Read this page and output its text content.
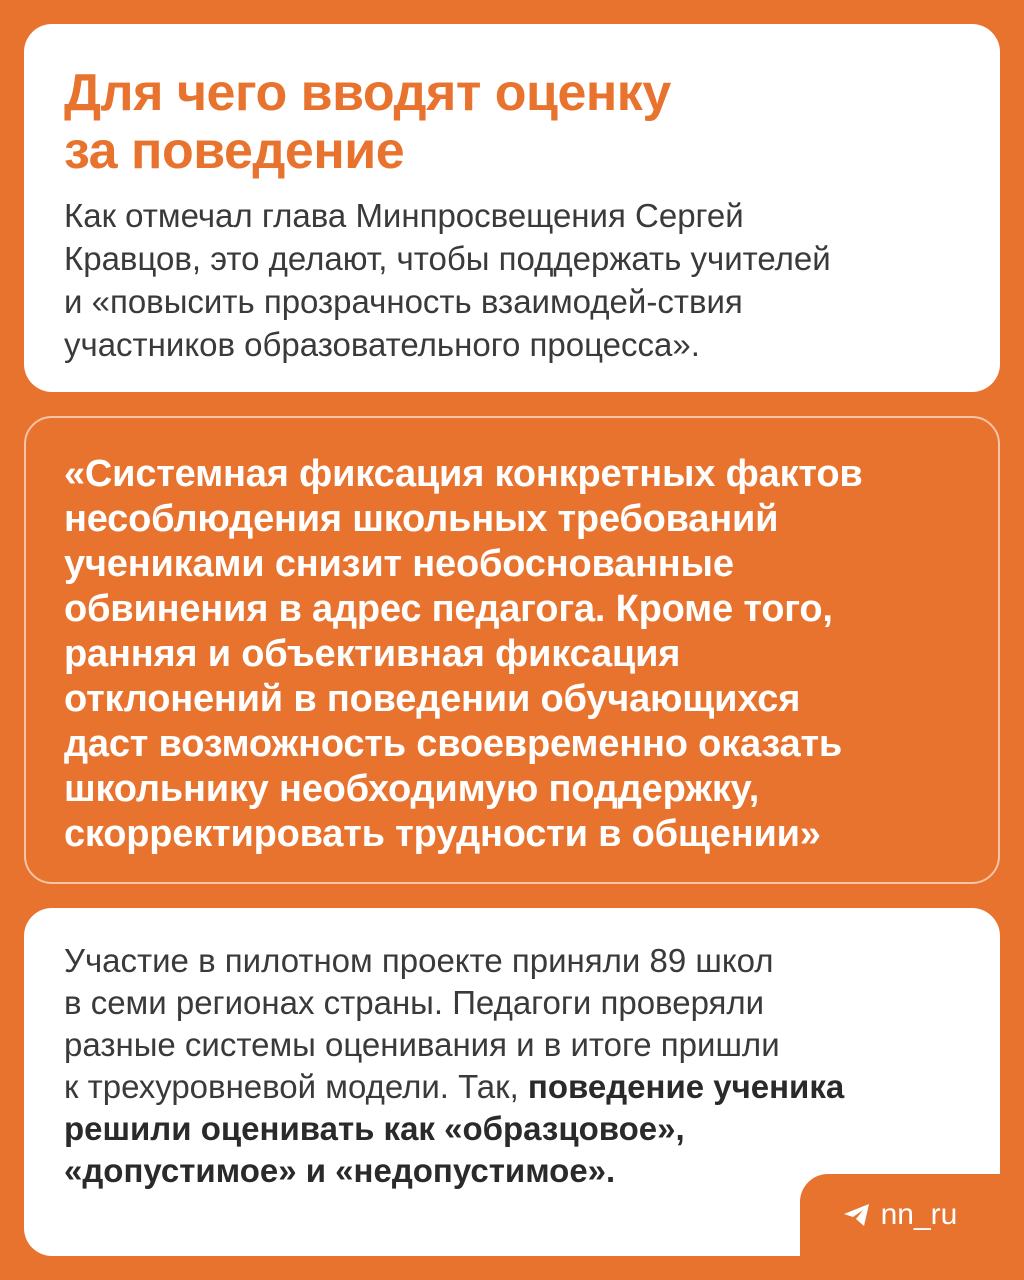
Для чего вводят оценку
за поведение

Как отмечал глава Минпросвещения Сергей
Кравцов, это делают, чтобы поддержать учителей
и «повысить прозрачность взаимодей-ствия
участников образовательного процесса».

«Системная фиксация конкретных фактов
несоблюдения школьных требований
учениками снизит необоснованные
обвинения в адрес педагога. Кроме того,
ранняя и объективная фиксация
отклонений в поведении обучающихся
даст возможность своевременно оказать
школьнику необходимую поддержку,
скорректировать трудности в общении»

Участие в пилотном проекте приняли 89 школ
в семи регионах страны. Педагоги проверяли
разные системы оценивания и в итоге пришли
к трехуровневой модели. Так, поведение ученика
решили оценивать как «образцовое»,
«допустимое» и «недопустимое».

nn_ru
